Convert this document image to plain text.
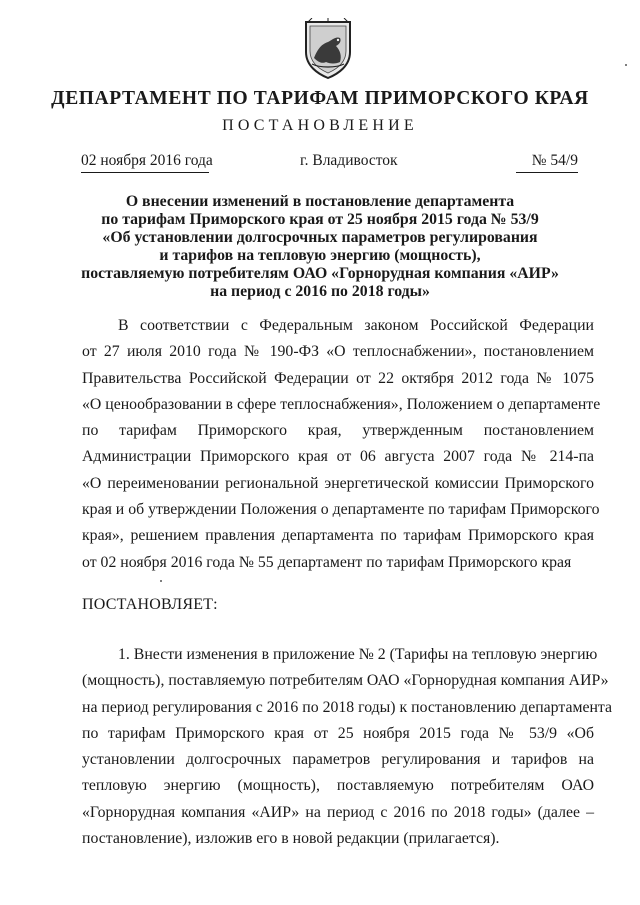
ДЕПАРТАМЕНТ ПО ТАРИФАМ ПРИМОРСКОГО КРАЯ
ПОСТАНОВЛЕНИЕ
02 ноября 2016 года	г. Владивосток	№ 54/9
О внесении изменений в постановление департамента
по тарифам Приморского края от 25 ноября 2015 года № 53/9
«Об установлении долгосрочных параметров регулирования
и тарифов на тепловую энергию (мощность),
поставляемую потребителям ОАО «Горнорудная компания «АИР»
на период с 2016 по 2018 годы»
В соответствии с Федеральным законом Российской Федерации
от 27 июля 2010 года № 190-ФЗ «О теплоснабжении», постановлением
Правительства Российской Федерации от 22 октября 2012 года № 1075
«О ценообразовании в сфере теплоснабжения», Положением о департаменте
по тарифам Приморского края, утвержденным постановлением
Администрации Приморского края от 06 августа 2007 года № 214-па
«О переименовании региональной энергетической комиссии Приморского
края и об утверждении Положения о департаменте по тарифам Приморского
края», решением правления департамента по тарифам Приморского края
от 02 ноября 2016 года № 55 департамент по тарифам Приморского края
ПОСТАНОВЛЯЕТ:
1. Внести изменения в приложение № 2 (Тарифы на тепловую энергию
(мощность), поставляемую потребителям ОАО «Горнорудная компания АИР»
на период регулирования с 2016 по 2018 годы) к постановлению департамента
по тарифам Приморского края от 25 ноября 2015 года № 53/9 «Об
установлении долгосрочных параметров регулирования и тарифов на
тепловую энергию (мощность), поставляемую потребителям ОАО
«Горнорудная компания «АИР» на период с 2016 по 2018 годы» (далее –
постановление), изложив его в новой редакции (прилагается).
